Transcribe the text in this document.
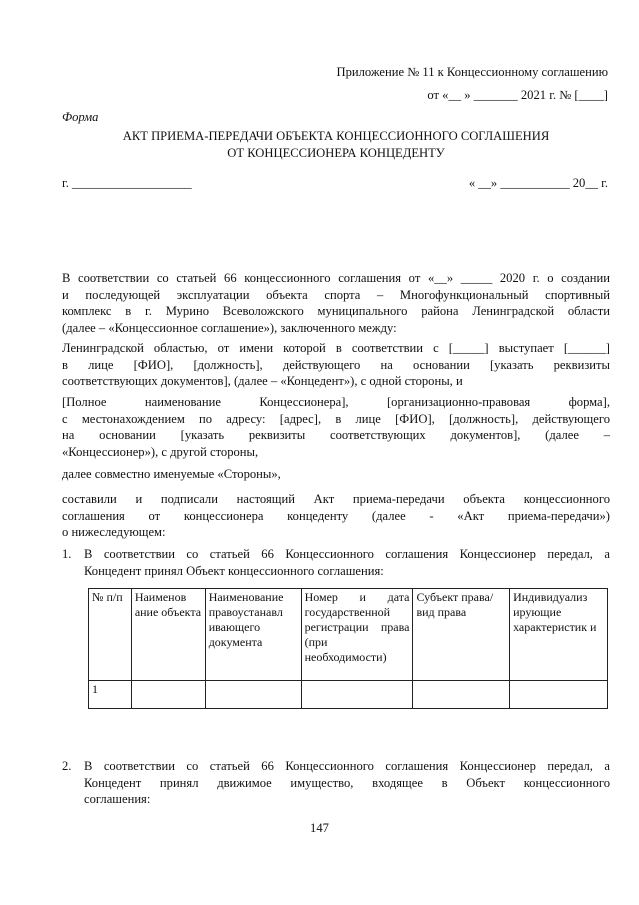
Приложение № 11 к Концессионному соглашению
от «__ » _______ 2021 г. № [____]
Форма
АКТ ПРИЕМА-ПЕРЕДАЧИ ОБЪЕКТА КОНЦЕССИОННОГО СОГЛАШЕНИЯ
ОТ КОНЦЕССИОНЕРА КОНЦЕДЕНТУ
г. ___________________	« __» ___________ 20__ г.
В соответствии со статьей 66 концессионного соглашения от «__» _____ 2020 г. о создании
и последующей эксплуатации объекта спорта – Многофункциональный спортивный
комплекс в г. Мурино Всеволожского муниципального района Ленинградской области
(далее – «Концессионное соглашение»), заключенного между:
Ленинградской областью, от имени которой в соответствии с [_____] выступает [______]
в лице [ФИО], [должность], действующего на основании [указать реквизиты
соответствующих документов], (далее – «Концедент»), с одной стороны, и
[Полное наименование Концессионера], [организационно-правовая форма],
с местонахождением по адресу: [адрес], в лице [ФИО], [должность], действующего
на основании [указать реквизиты соответствующих документов], (далее –
«Концессионер»), с другой стороны,
далее совместно именуемые «Стороны»,
составили и подписали настоящий Акт приема-передачи объекта концессионного
соглашения от концессионера концеденту (далее - «Акт приема-передачи»)
о нижеследующем:
1. В соответствии со статьей 66 Концессионного соглашения Концессионер передал, а
Концедент принял Объект концессионного соглашения:
№ п/п	Наименов ание объекта	Наименование правоустанавл ивающего документа	Номер и дата государственной регистрации права (при необходимости)	Субъект права/ вид права	Индивидуализ ирующие характеристик и
1					
2. В соответствии со статьей 66 Концессионного соглашения Концессионер передал, а
Концедент принял движимое имущество, входящее в Объект концессионного
соглашения:
147
